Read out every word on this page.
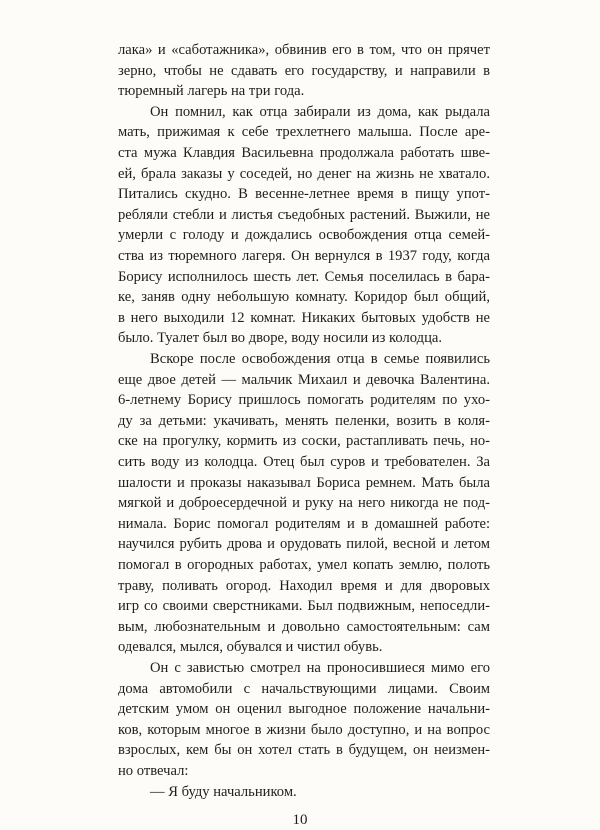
лака» и «саботажника», обвинив его в том, что он прячет
зерно, чтобы не сдавать его государству, и направили в
тюремный лагерь на три года.
Он помнил, как отца забирали из дома, как рыдала
мать, прижимая к себе трехлетнего малыша. После аре-
ста мужа Клавдия Васильевна продолжала работать шве-
ей, брала заказы у соседей, но денег на жизнь не хватало.
Питались скудно. В весенне-летнее время в пищу упот-
ребляли стебли и листья съедобных растений. Выжили, не
умерли с голоду и дождались освобождения отца семей-
ства из тюремного лагеря. Он вернулся в 1937 году, когда
Борису исполнилось шесть лет. Семья поселилась в бара-
ке, заняв одну небольшую комнату. Коридор был общий,
в него выходили 12 комнат. Никаких бытовых удобств не
было. Туалет был во дворе, воду носили из колодца.
Вскоре после освобождения отца в семье появились
еще двое детей — мальчик Михаил и девочка Валентина.
6-летнему Борису пришлось помогать родителям по ухо-
ду за детьми: укачивать, менять пеленки, возить в коля-
ске на прогулку, кормить из соски, растапливать печь, но-
сить воду из колодца. Отец был суров и требователен. За
шалости и проказы наказывал Бориса ремнем. Мать была
мягкой и доброесердечной и руку на него никогда не под-
нимала. Борис помогал родителям и в домашней работе:
научился рубить дрова и орудовать пилой, весной и летом
помогал в огородных работах, умел копать землю, полоть
траву, поливать огород. Находил время и для дворовых
игр со своими сверстниками. Был подвижным, непоседли-
вым, любознательным и довольно самостоятельным: сам
одевался, мылся, обувался и чистил обувь.
Он с завистью смотрел на проносившиеся мимо его
дома автомобили с начальствующими лицами. Своим
детским умом он оценил выгодное положение начальни-
ков, которым многое в жизни было доступно, и на вопрос
взрослых, кем бы он хотел стать в будущем, он неизмен-
но отвечал:
— Я буду начальником.
10
